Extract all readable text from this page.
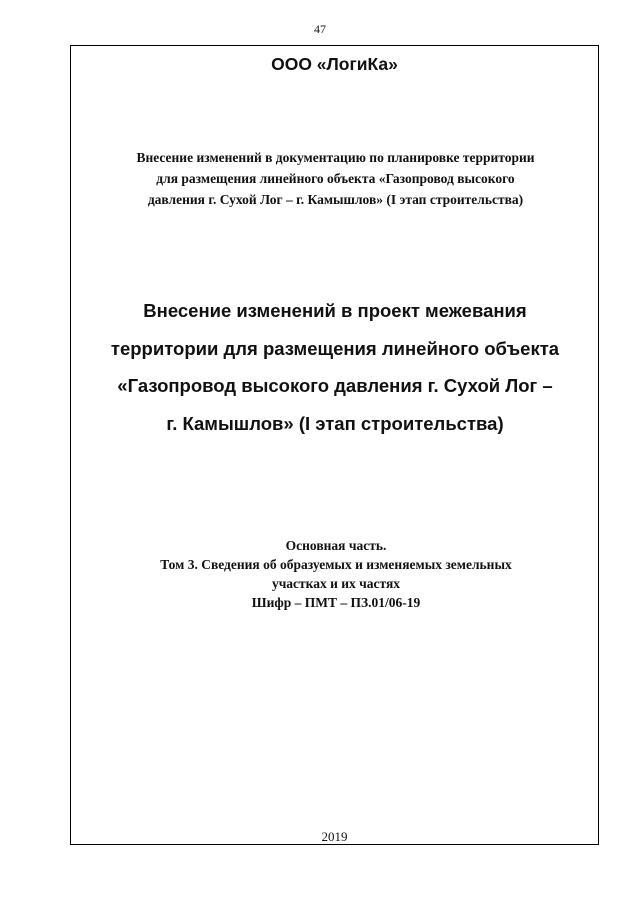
47
ООО «ЛогиКа»
Внесение изменений в документацию по планировке территории
для размещения линейного объекта «Газопровод высокого
давления г. Сухой Лог – г. Камышлов» (I этап строительства)
Внесение изменений в проект межевания
территории для размещения линейного объекта
«Газопровод высокого давления г. Сухой Лог –
г. Камышлов» (I этап строительства)
Основная часть.
Том 3. Сведения об образуемых и изменяемых земельных
участках и их частях
Шифр – ПМТ – ПЗ.01/06-19
2019
